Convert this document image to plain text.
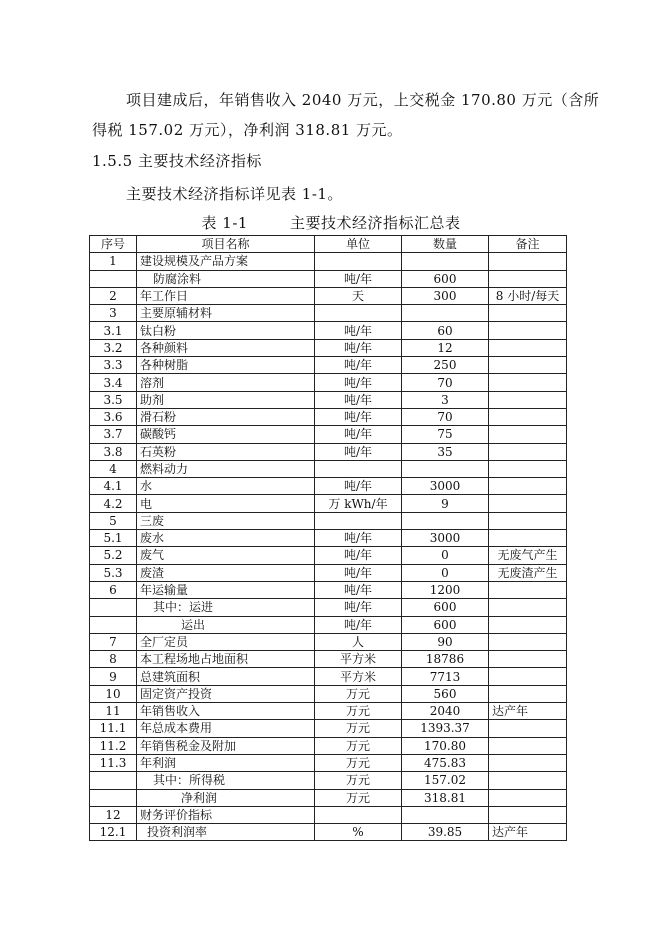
项目建成后，年销售收入 2040 万元，上交税金 170.80 万元（含所
得税 157.02 万元），净利润 318.81 万元。
1.5.5 主要技术经济指标
主要技术经济指标详见表 1-1。
表 1-1	主要技术经济指标汇总表
序号	项目名称	单位	数量	备注
1	建设规模及产品方案			
	防腐涂料	吨/年	600	
2	年工作日	天	300	8 小时/每天
3	主要原辅材料			
3.1	钛白粉	吨/年	60	
3.2	各种颜料	吨/年	12	
3.3	各种树脂	吨/年	250	
3.4	溶剂	吨/年	70	
3.5	助剂	吨/年	3	
3.6	滑石粉	吨/年	70	
3.7	碳酸钙	吨/年	75	
3.8	石英粉	吨/年	35	
4	燃料动力			
4.1	水	吨/年	3000	
4.2	电	万 kWh/年	9	
5	三废			
5.1	废水	吨/年	3000	
5.2	废气	吨/年	0	无废气产生
5.3	废渣	吨/年	0	无废渣产生
6	年运输量	吨/年	1200	
	其中：运进	吨/年	600	
	运出	吨/年	600	
7	全厂定员	人	90	
8	本工程场地占地面积	平方米	18786	
9	总建筑面积	平方米	7713	
10	固定资产投资	万元	560	
11	年销售收入	万元	2040	达产年
11.1	年总成本费用	万元	1393.37	
11.2	年销售税金及附加	万元	170.80	
11.3	年利润	万元	475.83	
	其中：所得税	万元	157.02	
	净利润	万元	318.81	
12	财务评价指标			
12.1	投资利润率	%	39.85	达产年
